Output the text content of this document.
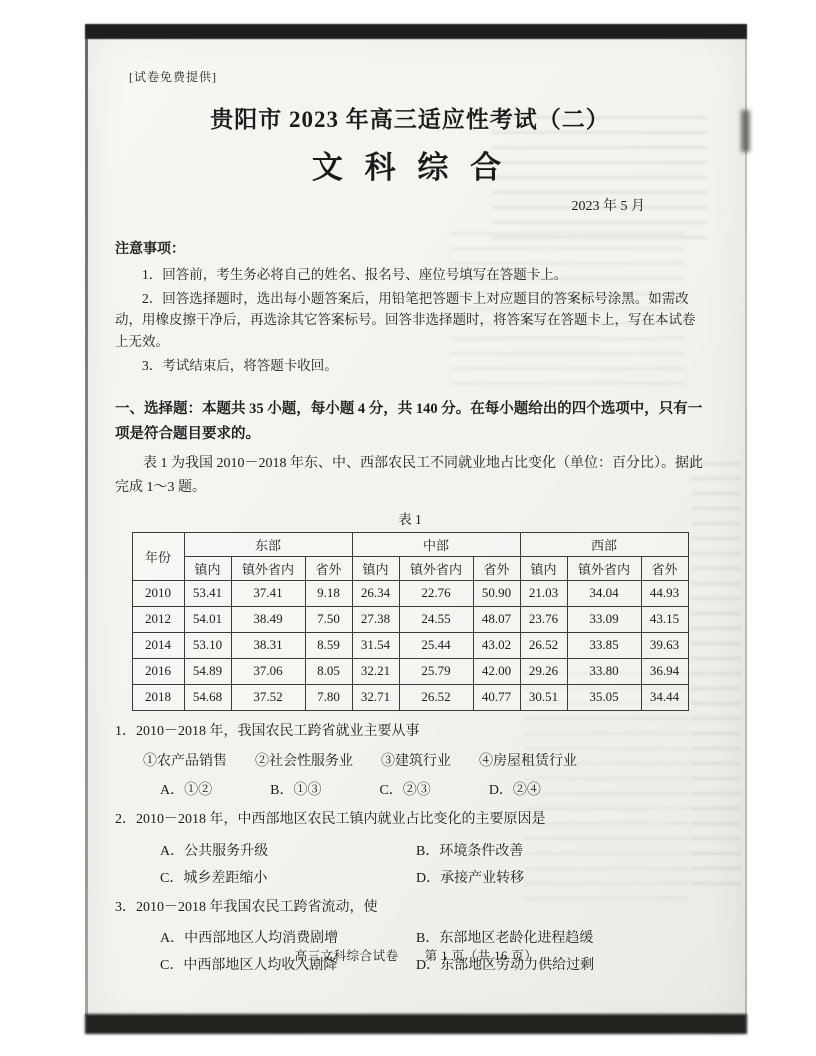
[试卷免费提供]
贵阳市 2023 年高三适应性考试（二）
文 科 综 合
2023 年 5 月
注意事项：
1．回答前，考生务必将自己的姓名、报名号、座位号填写在答题卡上。
2．回答选择题时，选出每小题答案后，用铅笔把答题卡上对应题目的答案标号涂黑。如需改动，用橡皮擦干净后，再选涂其它答案标号。回答非选择题时，将答案写在答题卡上，写在本试卷上无效。
3．考试结束后，将答题卡收回。
一、选择题：本题共 35 小题，每小题 4 分，共 140 分。在每小题给出的四个选项中，只有一项是符合题目要求的。
表 1 为我国 2010－2018 年东、中、西部农民工不同就业地占比变化（单位：百分比）。据此完成 1～3 题。
表 1
年份	东部			中部			西部		
	镇内	镇外省内	省外	镇内	镇外省内	省外	镇内	镇外省内	省外
2010	53.41	37.41	9.18	26.34	22.76	50.90	21.03	34.04	44.93
2012	54.01	38.49	7.50	27.38	24.55	48.07	23.76	33.09	43.15
2014	53.10	38.31	8.59	31.54	25.44	43.02	26.52	33.85	39.63
2016	54.89	37.06	8.05	32.21	25.79	42.00	29.26	33.80	36.94
2018	54.68	37.52	7.80	32.71	26.52	40.77	30.51	35.05	34.44
1．2010－2018 年，我国农民工跨省就业主要从事
①农产品销售　　②社会性服务业　　③建筑行业　　④房屋租赁行业
A．①②	B．①③	C．②③	D．②④
2．2010－2018 年，中西部地区农民工镇内就业占比变化的主要原因是
A．公共服务升级	B．环境条件改善
C．城乡差距缩小	D．承接产业转移
3．2010－2018 年我国农民工跨省流动，使
A．中西部地区人均消费剧增	B．东部地区老龄化进程趋缓
C．中西部地区人均收入剧降	D．东部地区劳动力供给过剩
高三文科综合试卷　　第 1 页（共 16 页）
